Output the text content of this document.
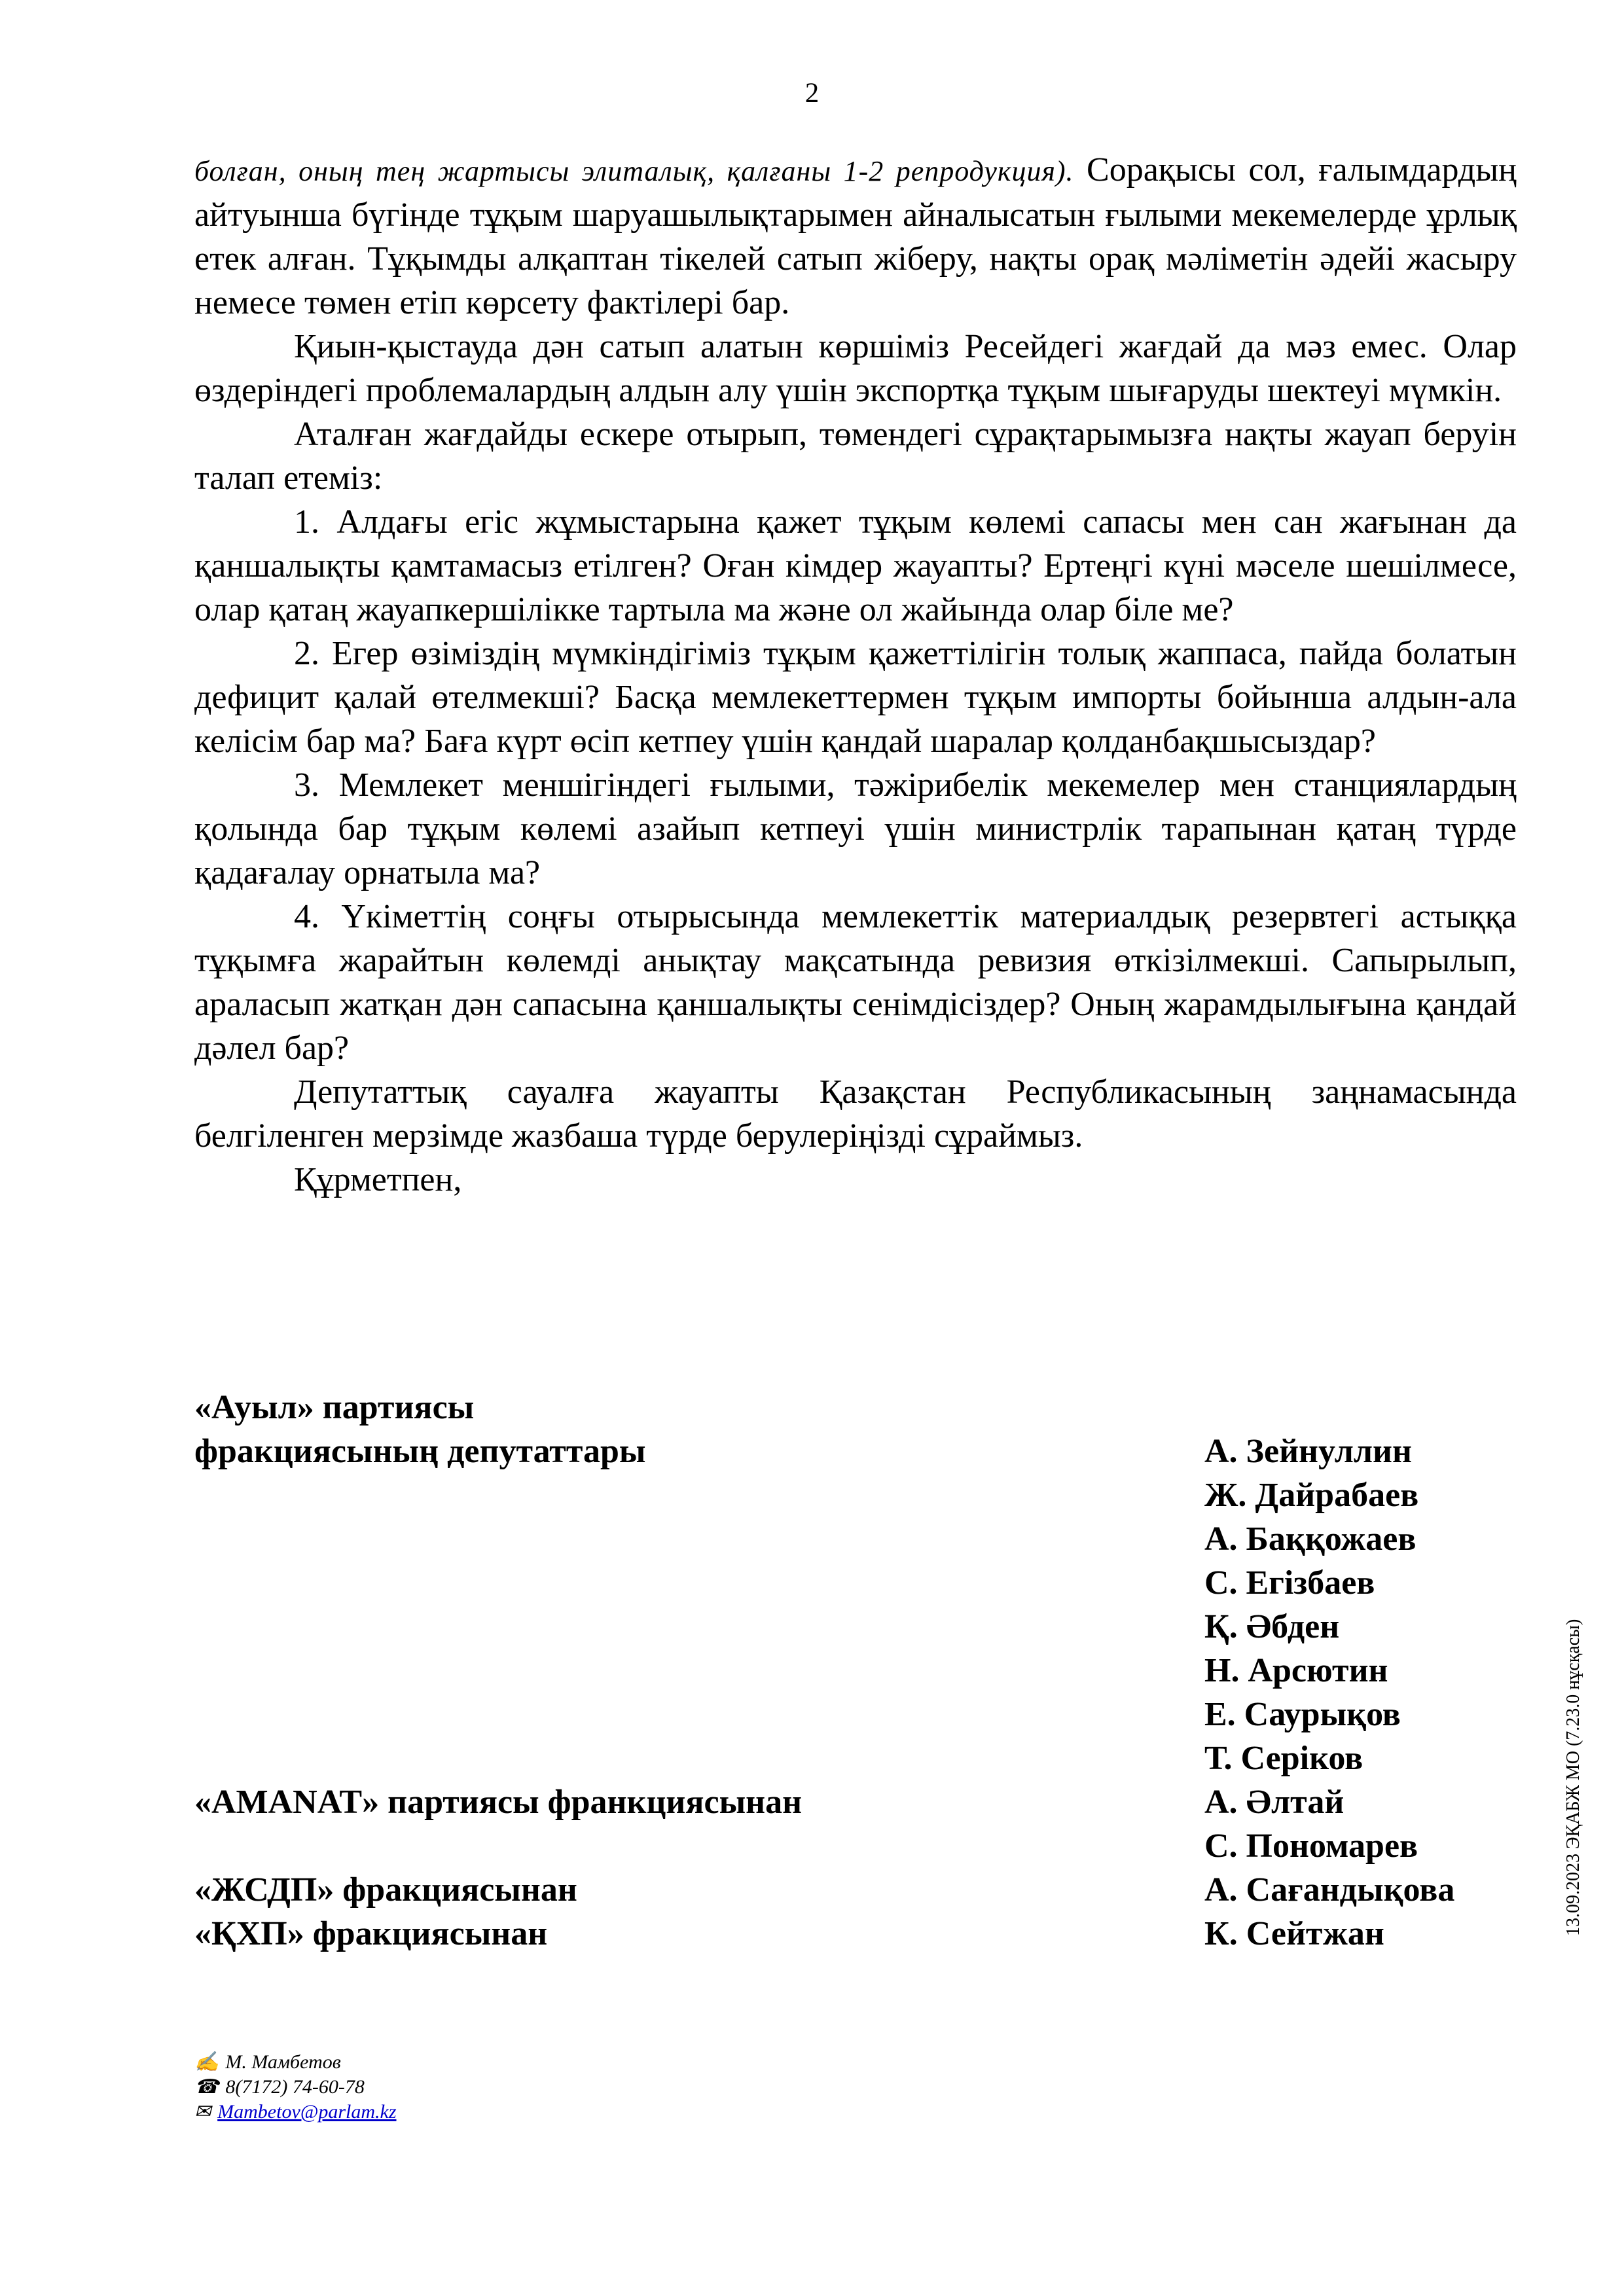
2

болған, оның тең жартысы элиталық, қалғаны 1-2 репродукция). Сорақысы сол, ғалымдардың айтуынша бүгінде тұқым шаруашылықтарымен айналысатын ғылыми мекемелерде ұрлық етек алған. Тұқымды алқаптан тікелей сатып жіберу, нақты орақ мәліметін әдейі жасыру немесе төмен етіп көрсету фактілері бар.

Қиын-қыстауда дән сатып алатын көршіміз Ресейдегі жағдай да мәз емес. Олар өздеріндегі проблемалардың алдын алу үшін экспортқа тұқым шығаруды шектеуі мүмкін.

Аталған жағдайды ескере отырып, төмендегі сұрақтарымызға нақты жауап беруін талап етеміз:

1. Алдағы егіс жұмыстарына қажет тұқым көлемі сапасы мен сан жағынан да қаншалықты қамтамасыз етілген? Оған кімдер жауапты? Ертеңгі күні мәселе шешілмесе, олар қатаң жауапкершілікке тартыла ма және ол жайында олар біле ме?

2. Егер өзіміздің мүмкіндігіміз тұқым қажеттілігін толық жаппаса, пайда болатын дефицит қалай өтелмекші? Басқа мемлекеттермен тұқым импорты бойынша алдын-ала келісім бар ма? Баға күрт өсіп кетпеу үшін қандай шаралар қолданбақшысыздар?

3. Мемлекет меншігіндегі ғылыми, тәжірибелік мекемелер мен станциялардың қолында бар тұқым көлемі азайып кетпеуі үшін министрлік тарапынан қатаң түрде қадағалау орнатыла ма?

4. Үкіметтің соңғы отырысында мемлекеттік материалдық резервтегі астыққа тұқымға жарайтын көлемді анықтау мақсатында ревизия өткізілмекші. Сапырылып, араласып жатқан дән сапасына қаншалықты сенімдісіздер? Оның жарамдылығына қандай дәлел бар?

Депутаттық сауалға жауапты Қазақстан Республикасының заңнамасында белгіленген мерзімде жазбаша түрде берулеріңізді сұраймыз.

Құрметпен,

«Ауыл» партиясы
фракциясының депутаттары	А. Зейнуллин
Ж. Дайрабаев
А. Баққожаев
С. Егізбаев
Қ. Әбден
Н. Арсютин
Е. Саурықов
Т. Серіков
«AMANAT» партиясы франкциясынан	А. Әлтай
С. Пономарев
«ЖСДП» фракциясынан	А. Сағандықова
«ҚХП» фракциясынан	К. Сейтжан	13.09.2023 ЭҚАБЖ МО (7.23.0 нұсқасы)
✍ М. Мамбетов
☎ 8(7172) 74-60-78
✉ Mambetov@parlam.kz
